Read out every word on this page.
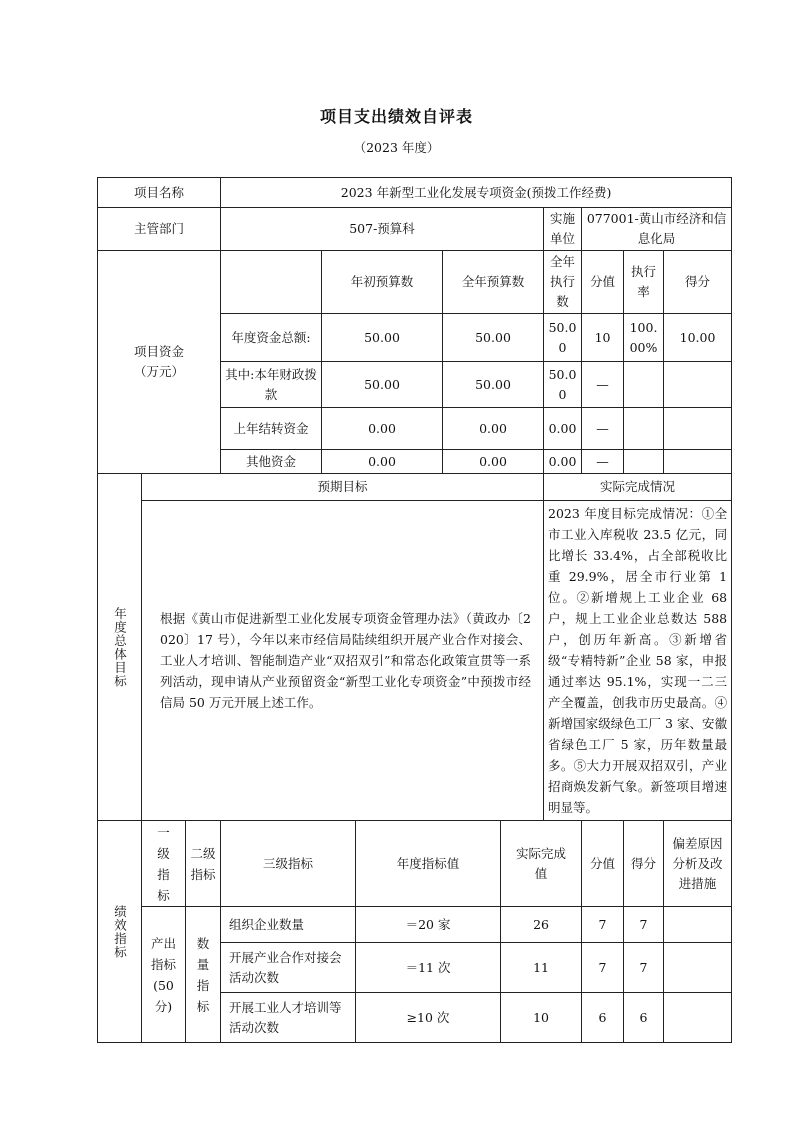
项目支出绩效自评表
（2023 年度）
项目名称			2023 年新型工业化发展专项资金(预拨工作经费)								
主管部门			507-预算科					实施单位	077001-黄山市经济和信息化局		
项目资金（万元）				年初预算数		全年预算数		全年执行数	分值	执行率	得分
			年度资金总额:	50.00		50.00		50.00	10	100.00%	10.00
			其中:本年财政拨款	50.00		50.00		50.00	—		
			上年结转资金	0.00		0.00		0.00	—		
			其他资金	0.00		0.00		0.00	—		
年度总体目标	预期目标							实际完成情况			
	根据《黄山市促进新型工业化发展专项资金管理办法》（黄政办〔2020〕17 号），今年以来市经信局陆续组织开展产业合作对接会、工业人才培训、智能制造产业“双招双引”和常态化政策宣贯等一系列活动，现申请从产业预留资金“新型工业化专项资金”中预拨市经信局 50 万元开展上述工作。							2023 年度目标完成情况：①全市工业入库税收 23.5 亿元，同比增长 33.4%，占全部税收比重 29.9%，居全市行业第 1 位。②新增规上工业企业 68 户，规上工业企业总数达 588 户，创历年新高。③新增省级“专精特新”企业 58 家，申报通过率达 95.1%，实现一二三产全覆盖，创我市历史最高。④新增国家级绿色工厂 3 家、安徽省绿色工厂 5 家，历年数量最多。⑤大力开展双招双引，产业招商焕发新气象。新签项目增速明显等。			
绩效指标	一级指标	二级指标	三级指标		年度指标值		实际完成值		分值	得分	偏差原因分析及改进措施
	产出指标(50分)	数量指标	组织企业数量		＝20 家		26		7	7	
			开展产业合作对接会活动次数		＝11 次		11		7	7	
			开展工业人才培训等活动次数		≥10 次		10		6	6	
